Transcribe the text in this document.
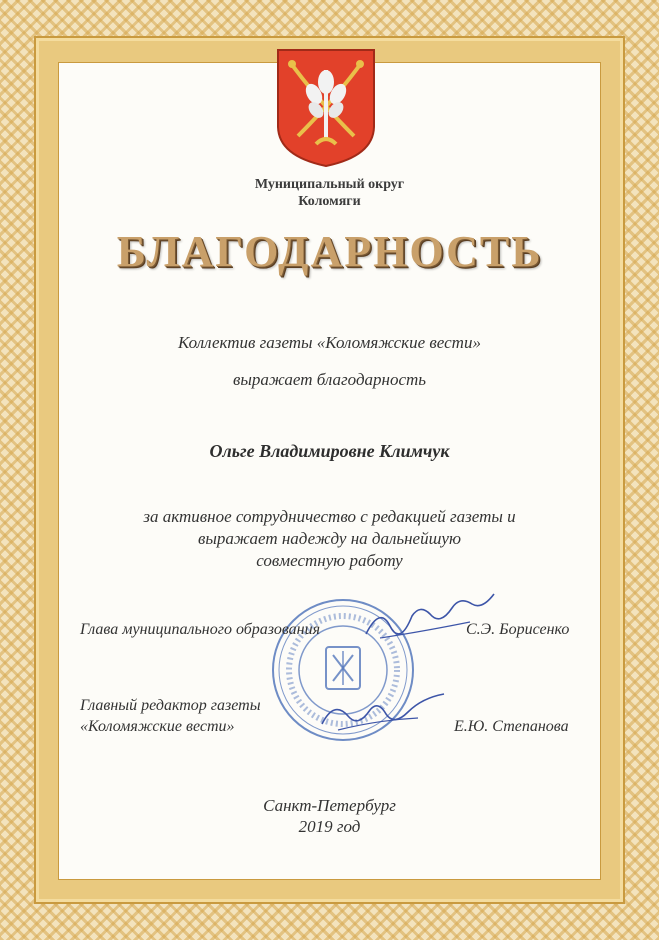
Муниципальный округ
Коломяги
БЛАГОДАРНОСТЬ
Коллектив газеты «Коломяжские вести»
выражает благодарность
Ольге Владимировне Климчук
за активное сотрудничество с редакцией газеты и
выражает надежду на дальнейшую
совместную работу
Глава муниципального образования	С.Э. Борисенко
Главный редактор газеты
«Коломяжские вести»	Е.Ю. Степанова
Санкт-Петербург
2019 год
